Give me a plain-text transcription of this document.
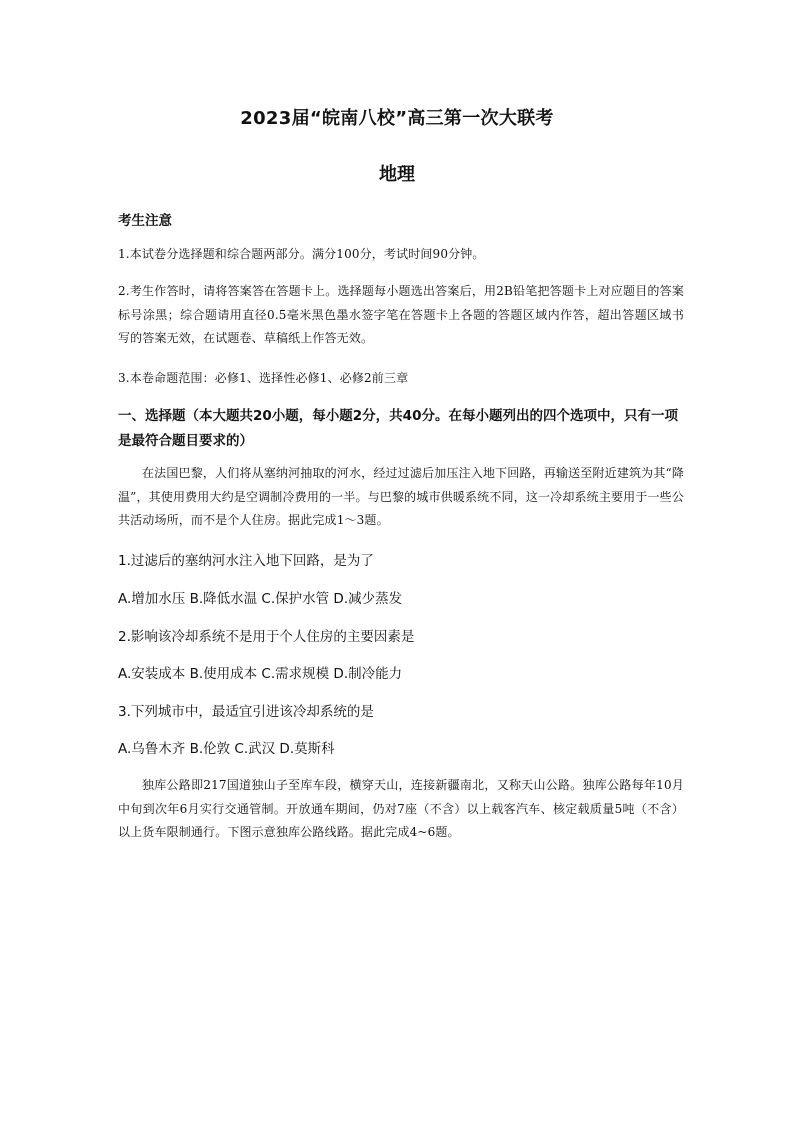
2023届“皖南八校”高三第一次大联考
地理
考生注意
1.本试卷分选择题和综合题两部分。满分100分，考试时间90分钟。
2.考生作答时，请将答案答在答题卡上。选择题每小题选出答案后，用2B铅笔把答题卡上对应题目的答案标号涂黑；综合题请用直径0.5毫米黑色墨水签字笔在答题卡上各题的答题区域内作答，超出答题区域书写的答案无效，在试题卷、草稿纸上作答无效。
3.本卷命题范围：必修1、选择性必修1、必修2前三章
一、选择题（本大题共20小题，每小题2分，共40分。在每小题列出的四个选项中，只有一项是最符合题目要求的）
在法国巴黎，人们将从塞纳河抽取的河水，经过过滤后加压注入地下回路，再输送至附近建筑为其“降温”，其使用费用大约是空调制冷费用的一半。与巴黎的城市供暖系统不同，这一冷却系统主要用于一些公共活动场所，而不是个人住房。据此完成1～3题。
1.过滤后的塞纳河水注入地下回路，是为了
A.增加水压 B.降低水温 C.保护水管 D.减少蒸发
2.影响该冷却系统不是用于个人住房的主要因素是
A.安装成本 B.使用成本 C.需求规模 D.制冷能力
3.下列城市中，最适宜引进该冷却系统的是
A.乌鲁木齐 B.伦敦 C.武汉 D.莫斯科
独库公路即217国道独山子至库车段，横穿天山，连接新疆南北，又称天山公路。独库公路每年10月中旬到次年6月实行交通管制。开放通车期间，仍对7座（不含）以上载客汽车、核定载质量5吨（不含）以上货车限制通行。下图示意独库公路线路。据此完成4~6题。
